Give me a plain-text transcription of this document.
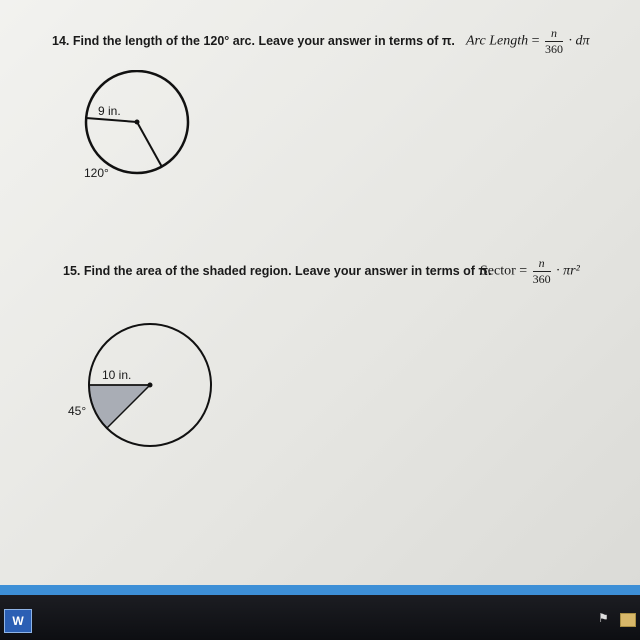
14. Find the length of the 120° arc. Leave your answer in terms of π. Arc Length = $\frac{n}{360} \cdot d\pi$
9 in.
120°
15. Find the area of the shaded region. Leave your answer in terms of π.
Sector = $\frac{n}{360} \cdot \pi r^2$
10 in.
45°
W	⚑
